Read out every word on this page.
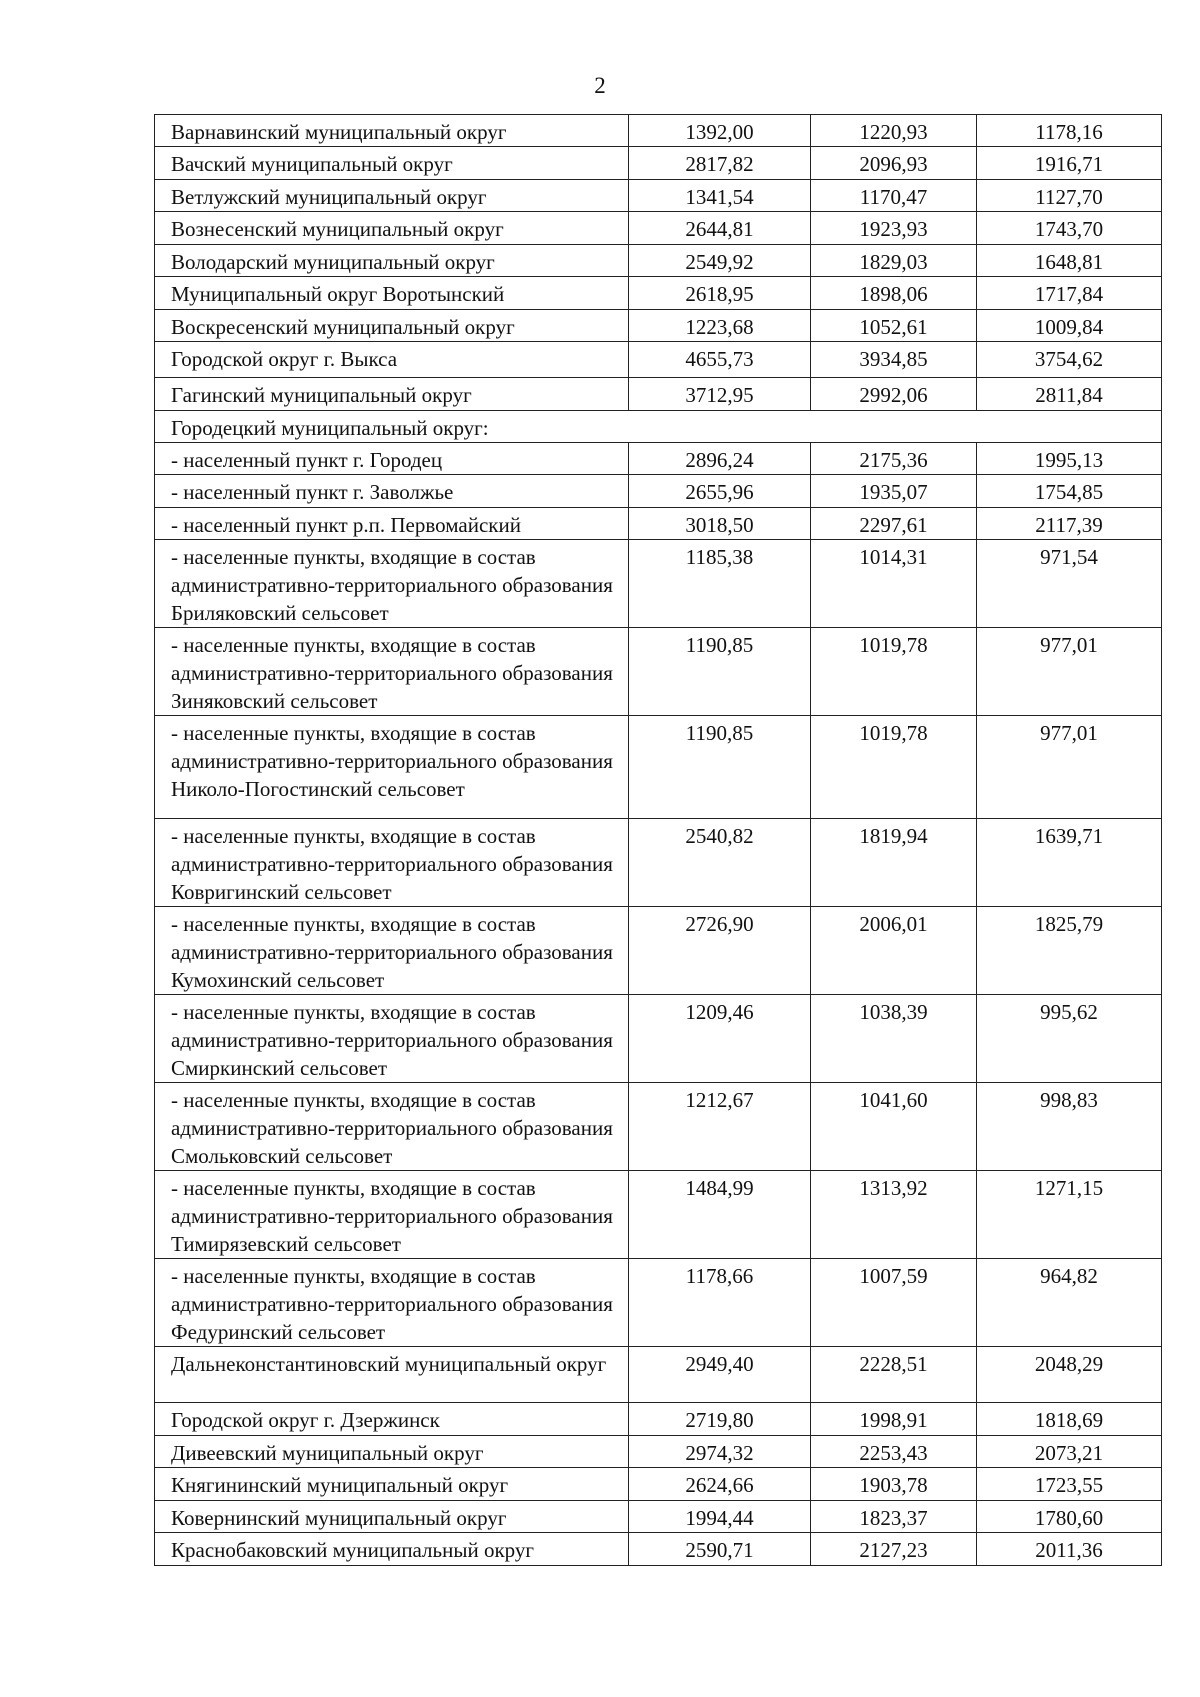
2
Варнавинский муниципальный округ	1392,00	1220,93	1178,16
Вачский муниципальный округ	2817,82	2096,93	1916,71
Ветлужский муниципальный округ	1341,54	1170,47	1127,70
Вознесенский муниципальный округ	2644,81	1923,93	1743,70
Володарский муниципальный округ	2549,92	1829,03	1648,81
Муниципальный округ Воротынский	2618,95	1898,06	1717,84
Воскресенский муниципальный округ	1223,68	1052,61	1009,84
Городской округ г. Выкса	4655,73	3934,85	3754,62
Гагинский муниципальный округ	3712,95	2992,06	2811,84
Городецкий муниципальный округ:			
- населенный пункт г. Городец	2896,24	2175,36	1995,13
- населенный пункт г. Заволжье	2655,96	1935,07	1754,85
- населенный пункт р.п. Первомайский	3018,50	2297,61	2117,39
- населенные пункты, входящие в состав административно-территориального образования Бриляковский сельсовет	1185,38	1014,31	971,54
- населенные пункты, входящие в состав административно-территориального образования Зиняковский сельсовет	1190,85	1019,78	977,01
- населенные пункты, входящие в состав административно-территориального образования Николо-Погостинский сельсовет	1190,85	1019,78	977,01
- населенные пункты, входящие в состав административно-территориального образования Ковригинский сельсовет	2540,82	1819,94	1639,71
- населенные пункты, входящие в состав административно-территориального образования Кумохинский сельсовет	2726,90	2006,01	1825,79
- населенные пункты, входящие в состав административно-территориального образования Смиркинский сельсовет	1209,46	1038,39	995,62
- населенные пункты, входящие в состав административно-территориального образования Смольковский сельсовет	1212,67	1041,60	998,83
- населенные пункты, входящие в состав административно-территориального образования Тимирязевский сельсовет	1484,99	1313,92	1271,15
- населенные пункты, входящие в состав административно-территориального образования Федуринский сельсовет	1178,66	1007,59	964,82
Дальнеконстантиновский муниципальный округ	2949,40	2228,51	2048,29
Городской округ г. Дзержинск	2719,80	1998,91	1818,69
Дивеевский муниципальный округ	2974,32	2253,43	2073,21
Княгининский муниципальный округ	2624,66	1903,78	1723,55
Ковернинский муниципальный округ	1994,44	1823,37	1780,60
Краснобаковский муниципальный округ	2590,71	2127,23	2011,36
